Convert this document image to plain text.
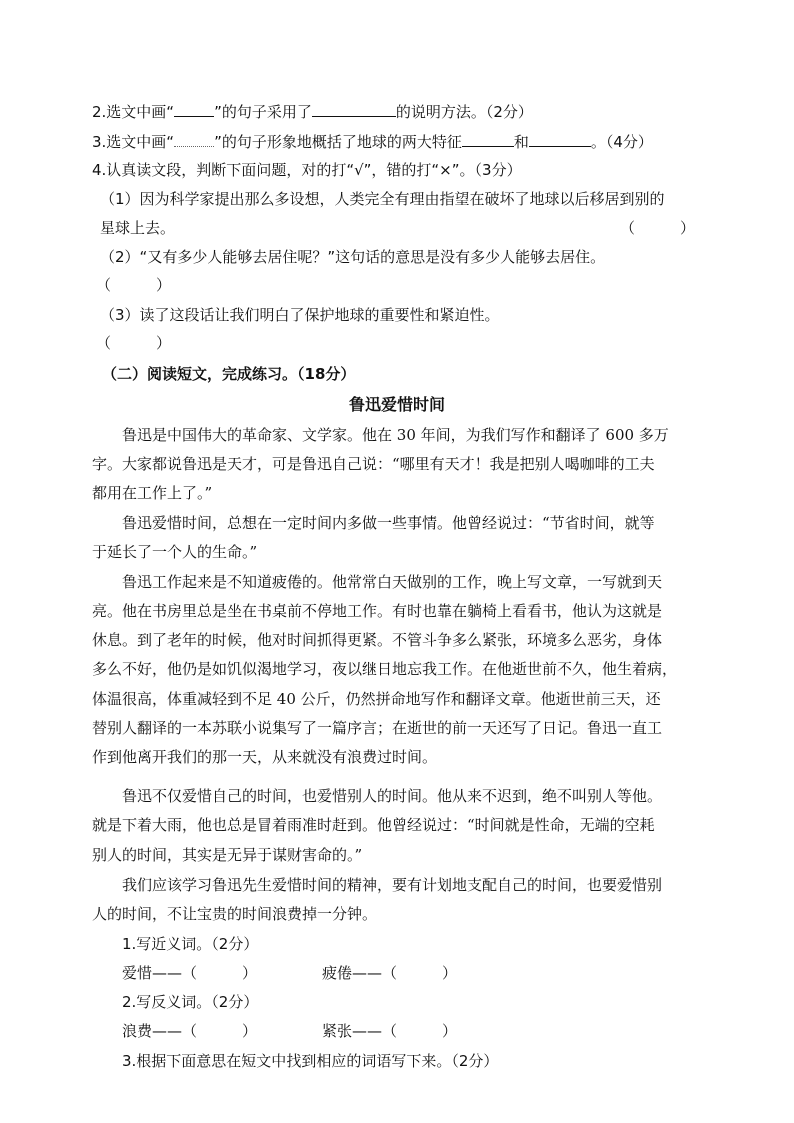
2.选文中画“	”的句子采用了	的说明方法。（2分）
3.选文中画“	”的句子形象地概括了地球的两大特征	和	。（4分）
4.认真读文段，判断下面问题，对的打“√”，错的打“×”。（3分）
（1）因为科学家提出那么多设想，人类完全有理由指望在破坏了地球以后移居到别的
星球上去。	（　　　）
（2）“又有多少人能够去居住呢？”这句话的意思是没有多少人能够去居住。
（　　　）
（3）读了这段话让我们明白了保护地球的重要性和紧迫性。
（　　　）
（二）阅读短文，完成练习。（18分）
鲁迅爱惜时间
鲁迅是中国伟大的革命家、文学家。他在 30 年间，为我们写作和翻译了 600 多万
字。大家都说鲁迅是天才，可是鲁迅自己说：“哪里有天才！我是把别人喝咖啡的工夫
都用在工作上了。”
鲁迅爱惜时间，总想在一定时间内多做一些事情。他曾经说过：“节省时间，就等
于延长了一个人的生命。”
鲁迅工作起来是不知道疲倦的。他常常白天做别的工作，晚上写文章，一写就到天
亮。他在书房里总是坐在书桌前不停地工作。有时也靠在躺椅上看看书，他认为这就是
休息。到了老年的时候，他对时间抓得更紧。不管斗争多么紧张，环境多么恶劣，身体
多么不好，他仍是如饥似渴地学习，夜以继日地忘我工作。在他逝世前不久，他生着病，
体温很高，体重减轻到不足 40 公斤，仍然拼命地写作和翻译文章。他逝世前三天，还
替别人翻译的一本苏联小说集写了一篇序言；在逝世的前一天还写了日记。鲁迅一直工
作到他离开我们的那一天，从来就没有浪费过时间。
鲁迅不仅爱惜自己的时间，也爱惜别人的时间。他从来不迟到，绝不叫别人等他。
就是下着大雨，他也总是冒着雨准时赶到。他曾经说过：“时间就是性命，无端的空耗
别人的时间，其实是无异于谋财害命的。”
我们应该学习鲁迅先生爱惜时间的精神，要有计划地支配自己的时间，也要爱惜别
人的时间，不让宝贵的时间浪费掉一分钟。
1.写近义词。（2分）
爱惜——（　　　）	疲倦——（　　　）
2.写反义词。（2分）
浪费——（　　　）	紧张——（　　　）
3.根据下面意思在短文中找到相应的词语写下来。（2分）
